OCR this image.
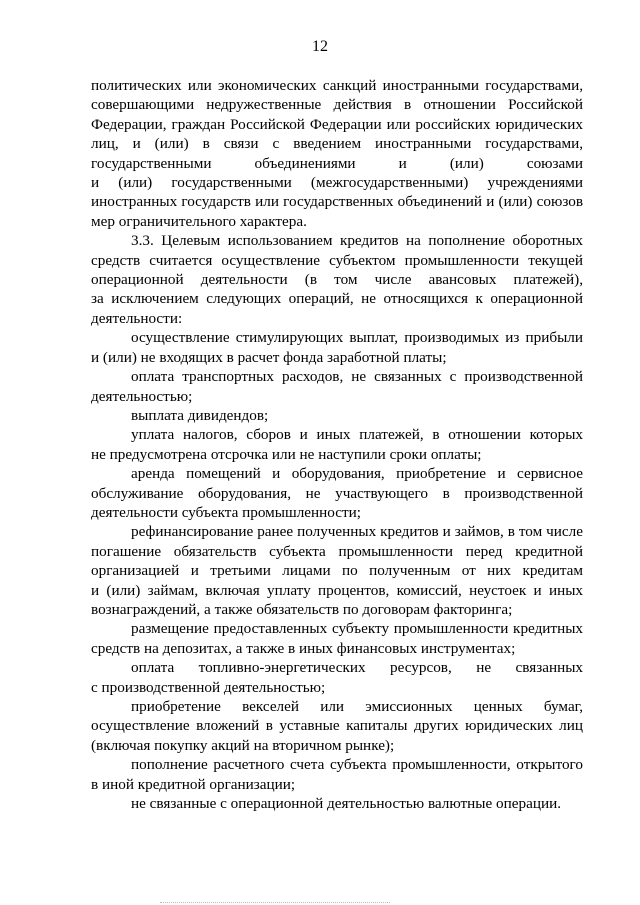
12
политических или экономических санкций иностранными государствами,
совершающими недружественные действия в отношении Российской
Федерации, граждан Российской Федерации или российских юридических
лиц, и (или) в связи с введением иностранными государствами,
государственными объединениями и (или) союзами
и (или) государственными (межгосударственными) учреждениями
иностранных государств или государственных объединений и (или) союзов
мер ограничительного характера.
3.3. Целевым использованием кредитов на пополнение оборотных
средств считается осуществление субъектом промышленности текущей
операционной деятельности (в том числе авансовых платежей),
за исключением следующих операций, не относящихся к операционной
деятельности:
осуществление стимулирующих выплат, производимых из прибыли
и (или) не входящих в расчет фонда заработной платы;
оплата транспортных расходов, не связанных с производственной
деятельностью;
выплата дивидендов;
уплата налогов, сборов и иных платежей, в отношении которых
не предусмотрена отсрочка или не наступили сроки оплаты;
аренда помещений и оборудования, приобретение и сервисное
обслуживание оборудования, не участвующего в производственной
деятельности субъекта промышленности;
рефинансирование ранее полученных кредитов и займов, в том числе
погашение обязательств субъекта промышленности перед кредитной
организацией и третьими лицами по полученным от них кредитам
и (или) займам, включая уплату процентов, комиссий, неустоек и иных
вознаграждений, а также обязательств по договорам факторинга;
размещение предоставленных субъекту промышленности кредитных
средств на депозитах, а также в иных финансовых инструментах;
оплата топливно-энергетических ресурсов, не связанных
с производственной деятельностью;
приобретение векселей или эмиссионных ценных бумаг,
осуществление вложений в уставные капиталы других юридических лиц
(включая покупку акций на вторичном рынке);
пополнение расчетного счета субъекта промышленности, открытого
в иной кредитной организации;
не связанные с операционной деятельностью валютные операции.
